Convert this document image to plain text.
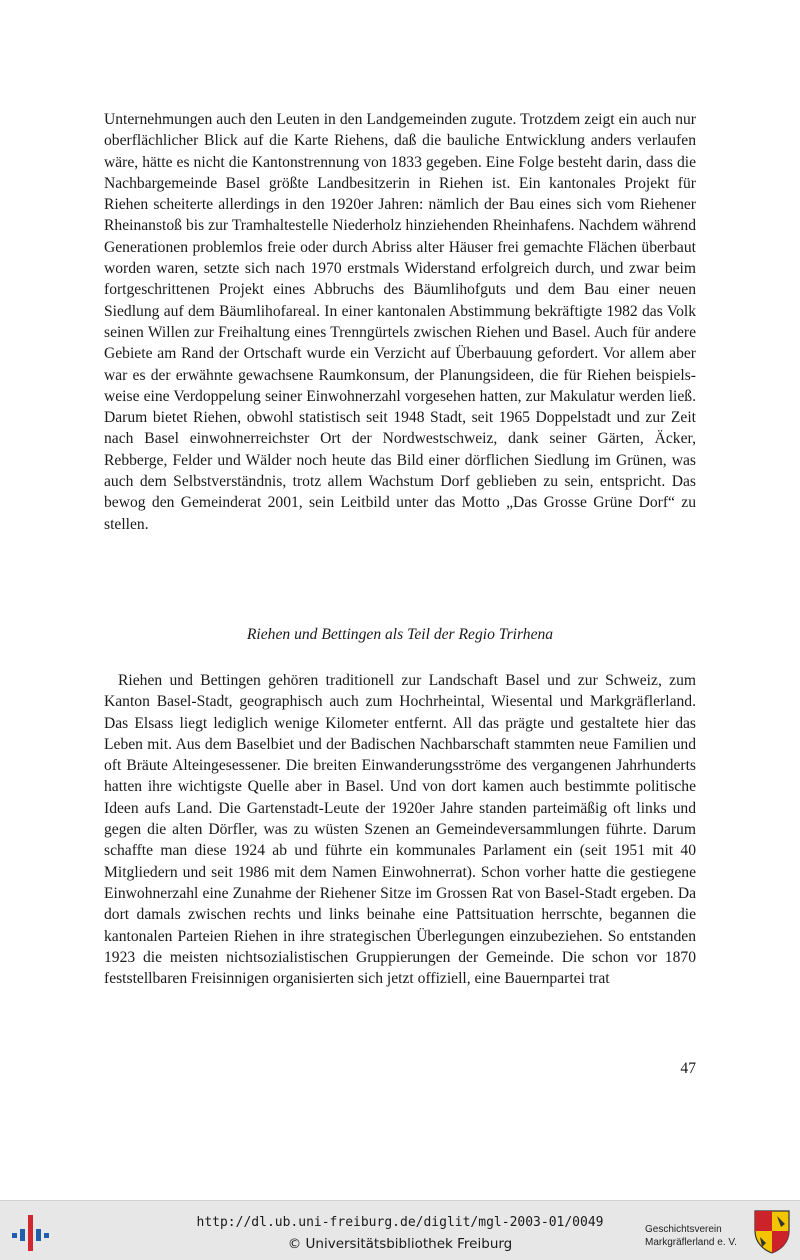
Unternehmungen auch den Leuten in den Landgemeinden zugute. Trotzdem zeigt ein auch nur oberflächlicher Blick auf die Karte Riehens, daß die bauliche Entwicklung anders verlaufen wäre, hätte es nicht die Kantonstrennung von 1833 gegeben. Eine Folge besteht darin, dass die Nachbargemeinde Basel größte Landbesitzerin in Riehen ist. Ein kantonales Projekt für Riehen scheiterte allerdings in den 1920er Jahren: nämlich der Bau eines sich vom Riehener Rheinanstoß bis zur Tramhaltestelle Niederholz hinziehenden Rheinhafens. Nachdem während Generationen problemlos freie oder durch Abriss alter Häuser frei gemachte Flächen überbaut worden waren, setzte sich nach 1970 erstmals Widerstand erfolgreich durch, und zwar beim fortgeschrittenen Projekt eines Abbruchs des Bäumlihofguts und dem Bau einer neuen Siedlung auf dem Bäumlihofareal. In einer kantonalen Abstimmung bekräftigte 1982 das Volk seinen Willen zur Freihaltung eines Trenngürtels zwischen Riehen und Basel. Auch für andere Gebiete am Rand der Ortschaft wurde ein Verzicht auf Überbauung gefordert. Vor allem aber war es der erwähnte gewachsene Raumkonsum, der Planungsideen, die für Riehen beispielsweise eine Verdoppelung seiner Einwohnerzahl vorgesehen hatten, zur Makulatur werden ließ. Darum bietet Riehen, obwohl statistisch seit 1948 Stadt, seit 1965 Doppelstadt und zur Zeit nach Basel einwohnerreichster Ort der Nordwestschweiz, dank seiner Gärten, Äcker, Rebberge, Felder und Wälder noch heute das Bild einer dörflichen Siedlung im Grünen, was auch dem Selbstverständnis, trotz allem Wachstum Dorf geblieben zu sein, entspricht. Das bewog den Gemeinderat 2001, sein Leitbild unter das Motto „Das Grosse Grüne Dorf“ zu stellen.

Riehen und Bettingen als Teil der Regio Trirhena

Riehen und Bettingen gehören traditionell zur Landschaft Basel und zur Schweiz, zum Kanton Basel-Stadt, geographisch auch zum Hochrheintal, Wiesental und Markgräflerland. Das Elsass liegt lediglich wenige Kilometer entfernt. All das prägte und gestaltete hier das Leben mit. Aus dem Baselbiet und der Badischen Nachbarschaft stammten neue Familien und oft Bräute Alteingesessener. Die breiten Einwanderungsströme des vergangenen Jahrhunderts hatten ihre wichtigste Quelle aber in Basel. Und von dort kamen auch bestimmte politische Ideen aufs Land. Die Gartenstadt-Leute der 1920er Jahre standen parteimäßig oft links und gegen die alten Dörfler, was zu wüsten Szenen an Gemeindeversammlungen führte. Darum schaffte man diese 1924 ab und führte ein kommunales Parlament ein (seit 1951 mit 40 Mitgliedern und seit 1986 mit dem Namen Einwohnerrat). Schon vorher hatte die gestiegene Einwohnerzahl eine Zunahme der Riehener Sitze im Grossen Rat von Basel-Stadt ergeben. Da dort damals zwischen rechts und links beinahe eine Pattsituation herrschte, begannen die kantonalen Parteien Riehen in ihre strategischen Überlegungen einzubeziehen. So entstanden 1923 die meisten nichtsozialistischen Gruppierungen der Gemeinde. Die schon vor 1870 feststellbaren Freisinnigen organisierten sich jetzt offiziell, eine Bauernpartei trat

47
http://dl.ub.uni-freiburg.de/diglit/mgl-2003-01/0049
© Universitätsbibliothek Freiburg
Geschichtsverein
Markgräflerland e. V.
